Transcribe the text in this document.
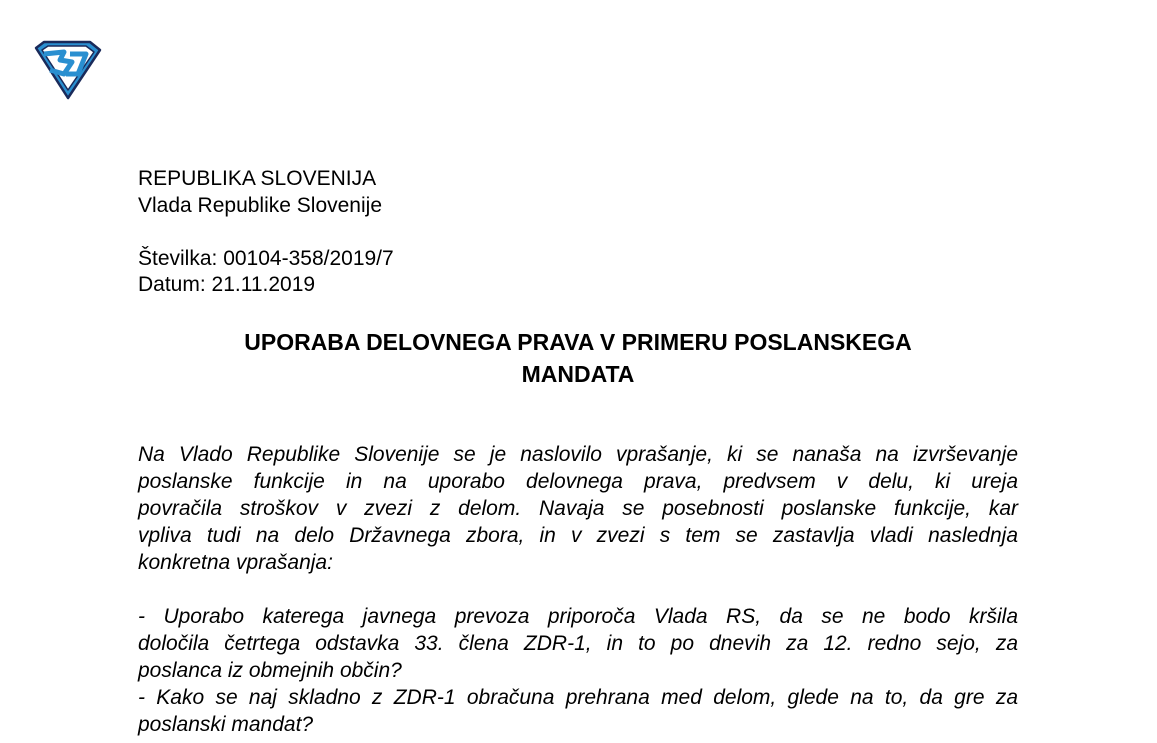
REPUBLIKA SLOVENIJA
Vlada Republike Slovenije
Številka: 00104-358/2019/7
Datum: 21.11.2019
UPORABA DELOVNEGA PRAVA V PRIMERU POSLANSKEGA
MANDATA
Na Vlado Republike Slovenije se je naslovilo vprašanje, ki se nanaša na izvrševanje
poslanske funkcije in na uporabo delovnega prava, predvsem v delu, ki ureja
povračila stroškov v zvezi z delom. Navaja se posebnosti poslanske funkcije, kar
vpliva tudi na delo Državnega zbora, in v zvezi s tem se zastavlja vladi naslednja
konkretna vprašanja:
- Uporabo katerega javnega prevoza priporoča Vlada RS, da se ne bodo kršila
določila četrtega odstavka 33. člena ZDR-1, in to po dnevih za 12. redno sejo, za
poslanca iz obmejnih občin?
- Kako se naj skladno z ZDR-1 obračuna prehrana med delom, glede na to, da gre za
poslanski mandat?
